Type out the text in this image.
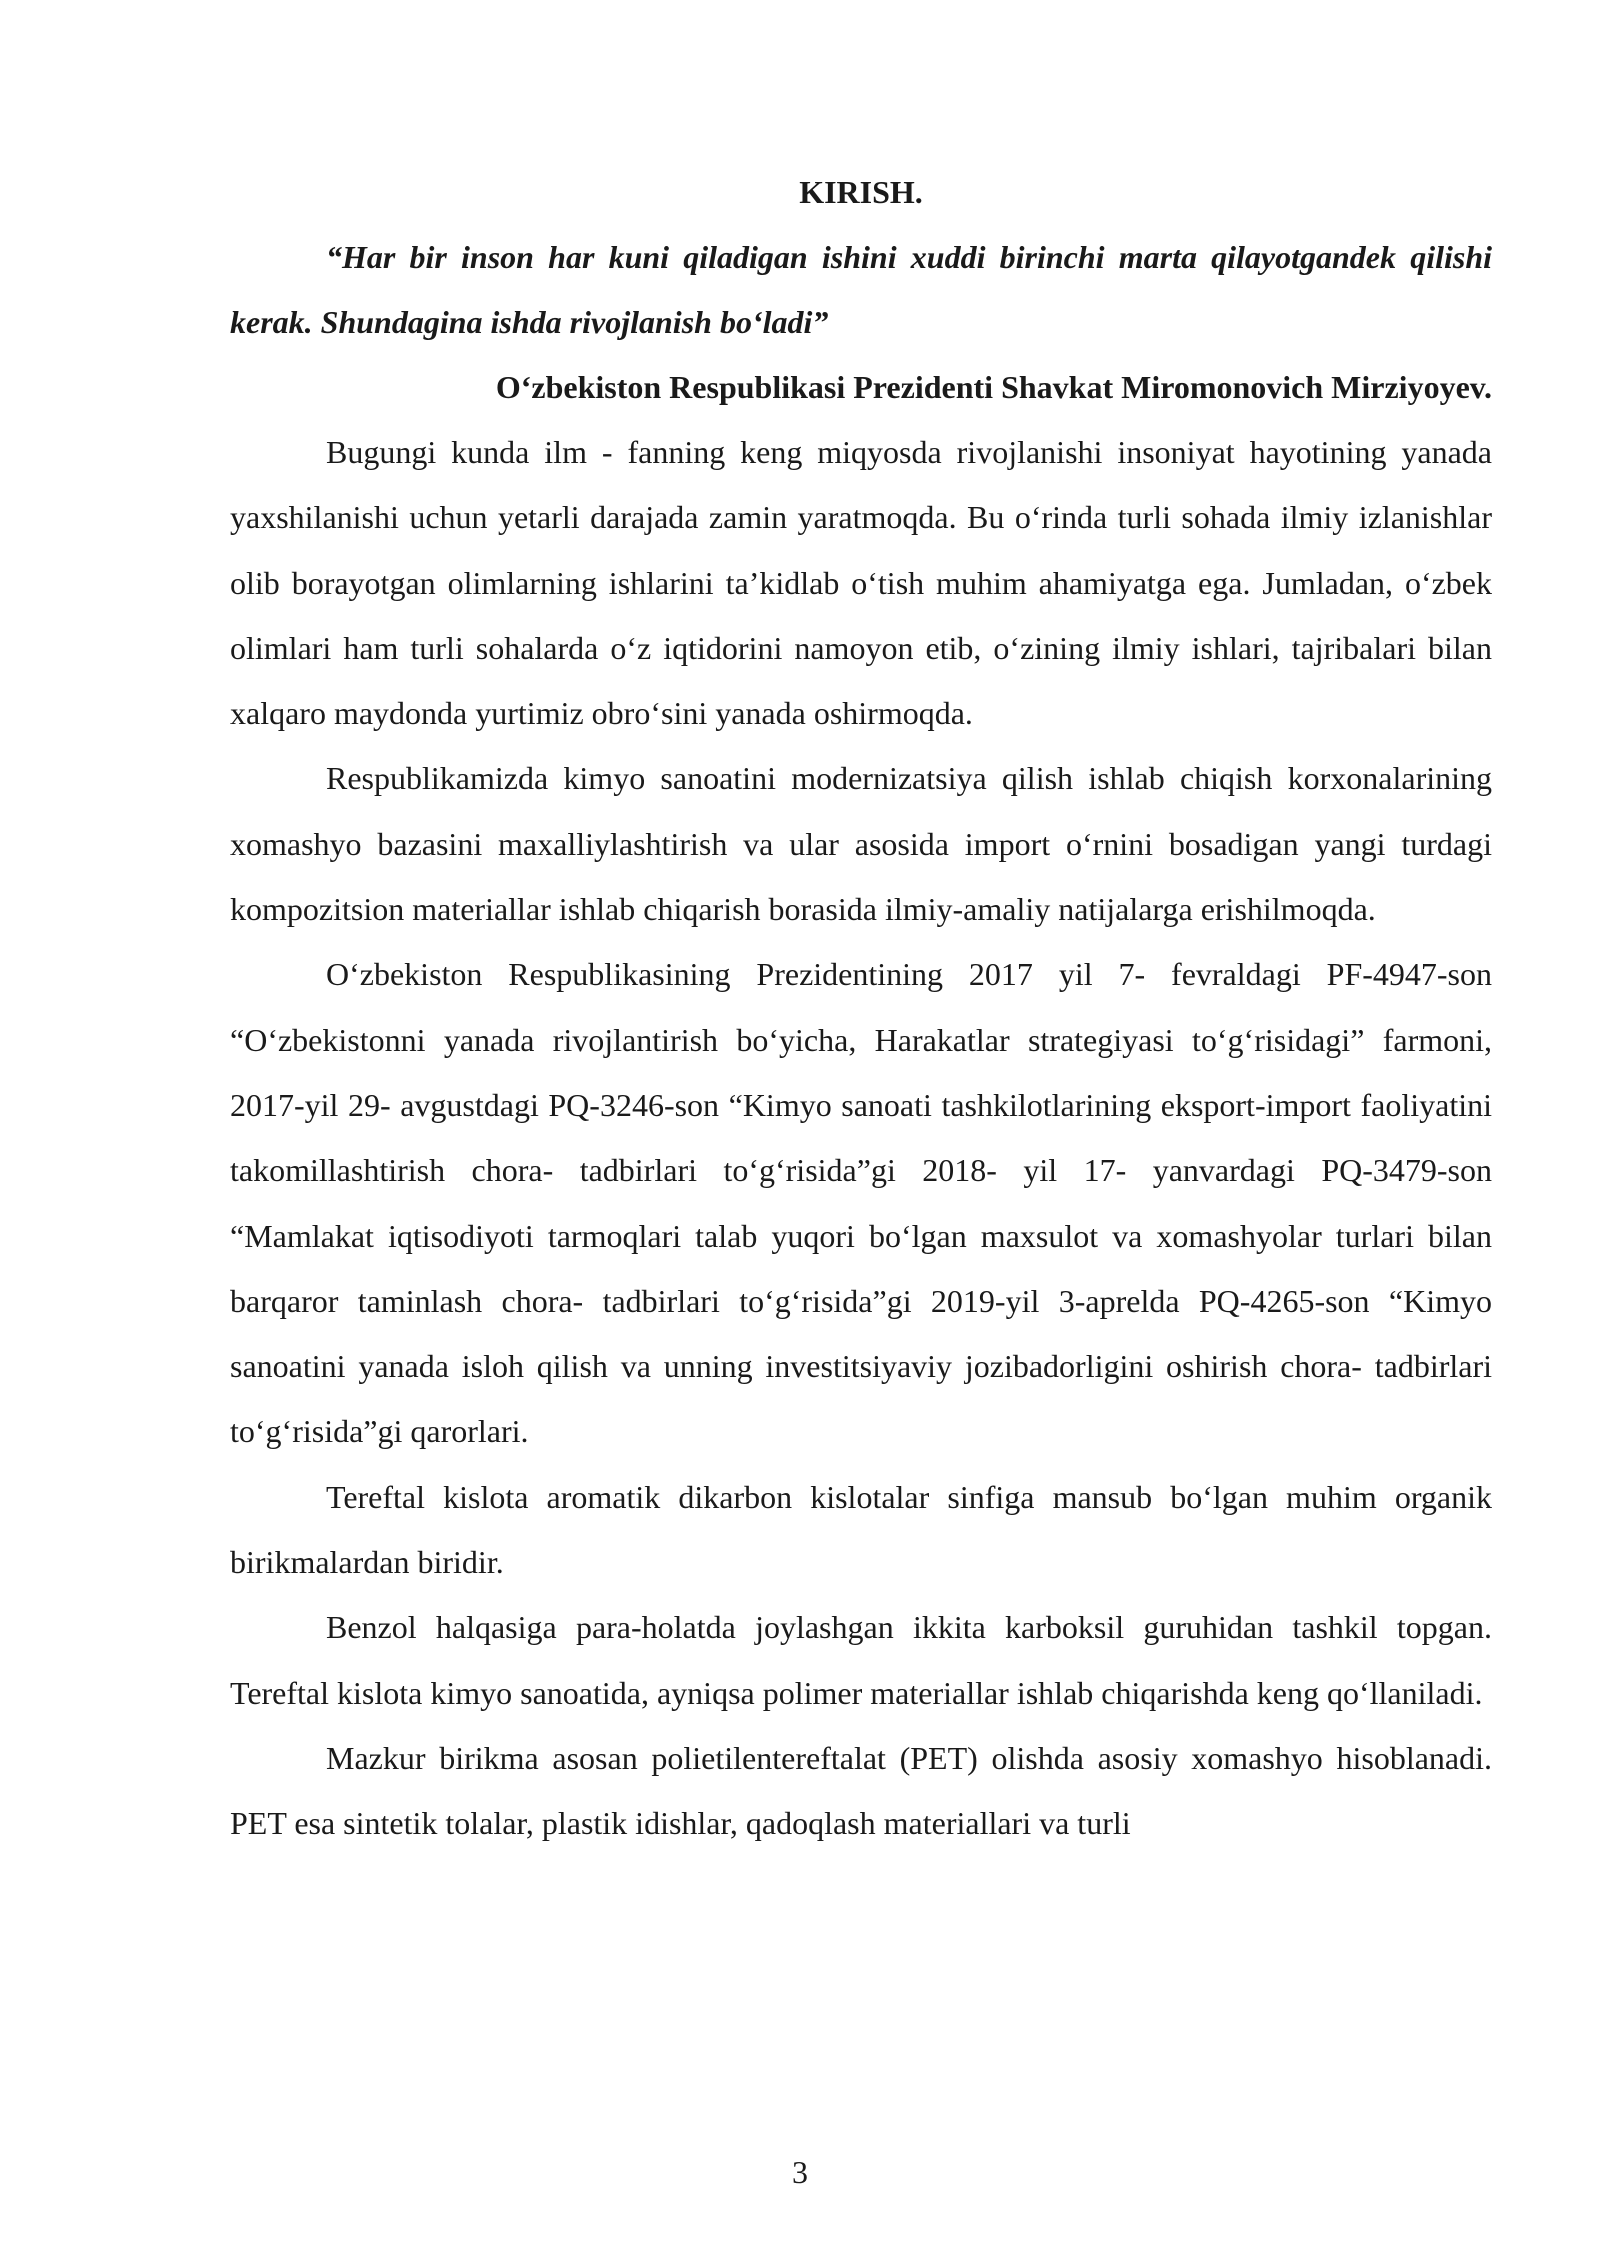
KIRISH.

“Har bir inson har kuni qiladigan ishini xuddi birinchi marta qilayotgandek qilishi kerak. Shundagina ishda rivojlanish bo‘ladi”

O‘zbekiston Respublikasi Prezidenti Shavkat Miromonovich Mirziyoyev.

Bugungi kunda ilm - fanning keng miqyosda rivojlanishi insoniyat hayotining yanada yaxshilanishi uchun yetarli darajada zamin yaratmoqda. Bu o‘rinda turli sohada ilmiy izlanishlar olib borayotgan olimlarning ishlarini ta’kidlab o‘tish muhim ahamiyatga ega. Jumladan, o‘zbek olimlari ham turli sohalarda o‘z iqtidorini namoyon etib, o‘zining ilmiy ishlari, tajribalari bilan xalqaro maydonda yurtimiz obro‘sini yanada oshirmoqda.

Respublikamizda kimyo sanoatini modernizatsiya qilish ishlab chiqish korxonalarining xomashyo bazasini maxalliylashtirish va ular asosida import o‘rnini bosadigan yangi turdagi kompozitsion materiallar ishlab chiqarish borasida ilmiy-amaliy natijalarga erishilmoqda.

O‘zbekiston Respublikasining Prezidentining 2017 yil 7- fevraldagi PF-4947-son “O‘zbekistonni yanada rivojlantirish bo‘yicha, Harakatlar strategiyasi to‘g‘risidagi” farmoni, 2017-yil 29- avgustdagi PQ-3246-son “Kimyo sanoati tashkilotlarining eksport-import faoliyatini takomillashtirish chora- tadbirlari to‘g‘risida”gi 2018- yil 17- yanvardagi PQ-3479-son “Mamlakat iqtisodiyoti tarmoqlari talab yuqori bo‘lgan maxsulot va xomashyolar turlari bilan barqaror taminlash chora- tadbirlari to‘g‘risida”gi 2019-yil 3-aprelda PQ-4265-son “Kimyo sanoatini yanada isloh qilish va unning investitsiyaviy jozibadorligini oshirish chora- tadbirlari to‘g‘risida”gi qarorlari.

Tereftal kislota aromatik dikarbon kislotalar sinfiga mansub bo‘lgan muhim organik birikmalardan biridir.

Benzol halqasiga para-holatda joylashgan ikkita karboksil guruhidan tashkil topgan. Tereftal kislota kimyo sanoatida, ayniqsa polimer materiallar ishlab chiqarishda keng qo‘llaniladi.

Mazkur birikma asosan polietilentereftalat (PET) olishda asosiy xomashyo hisoblanadi. PET esa sintetik tolalar, plastik idishlar, qadoqlash materiallari va turli

3
